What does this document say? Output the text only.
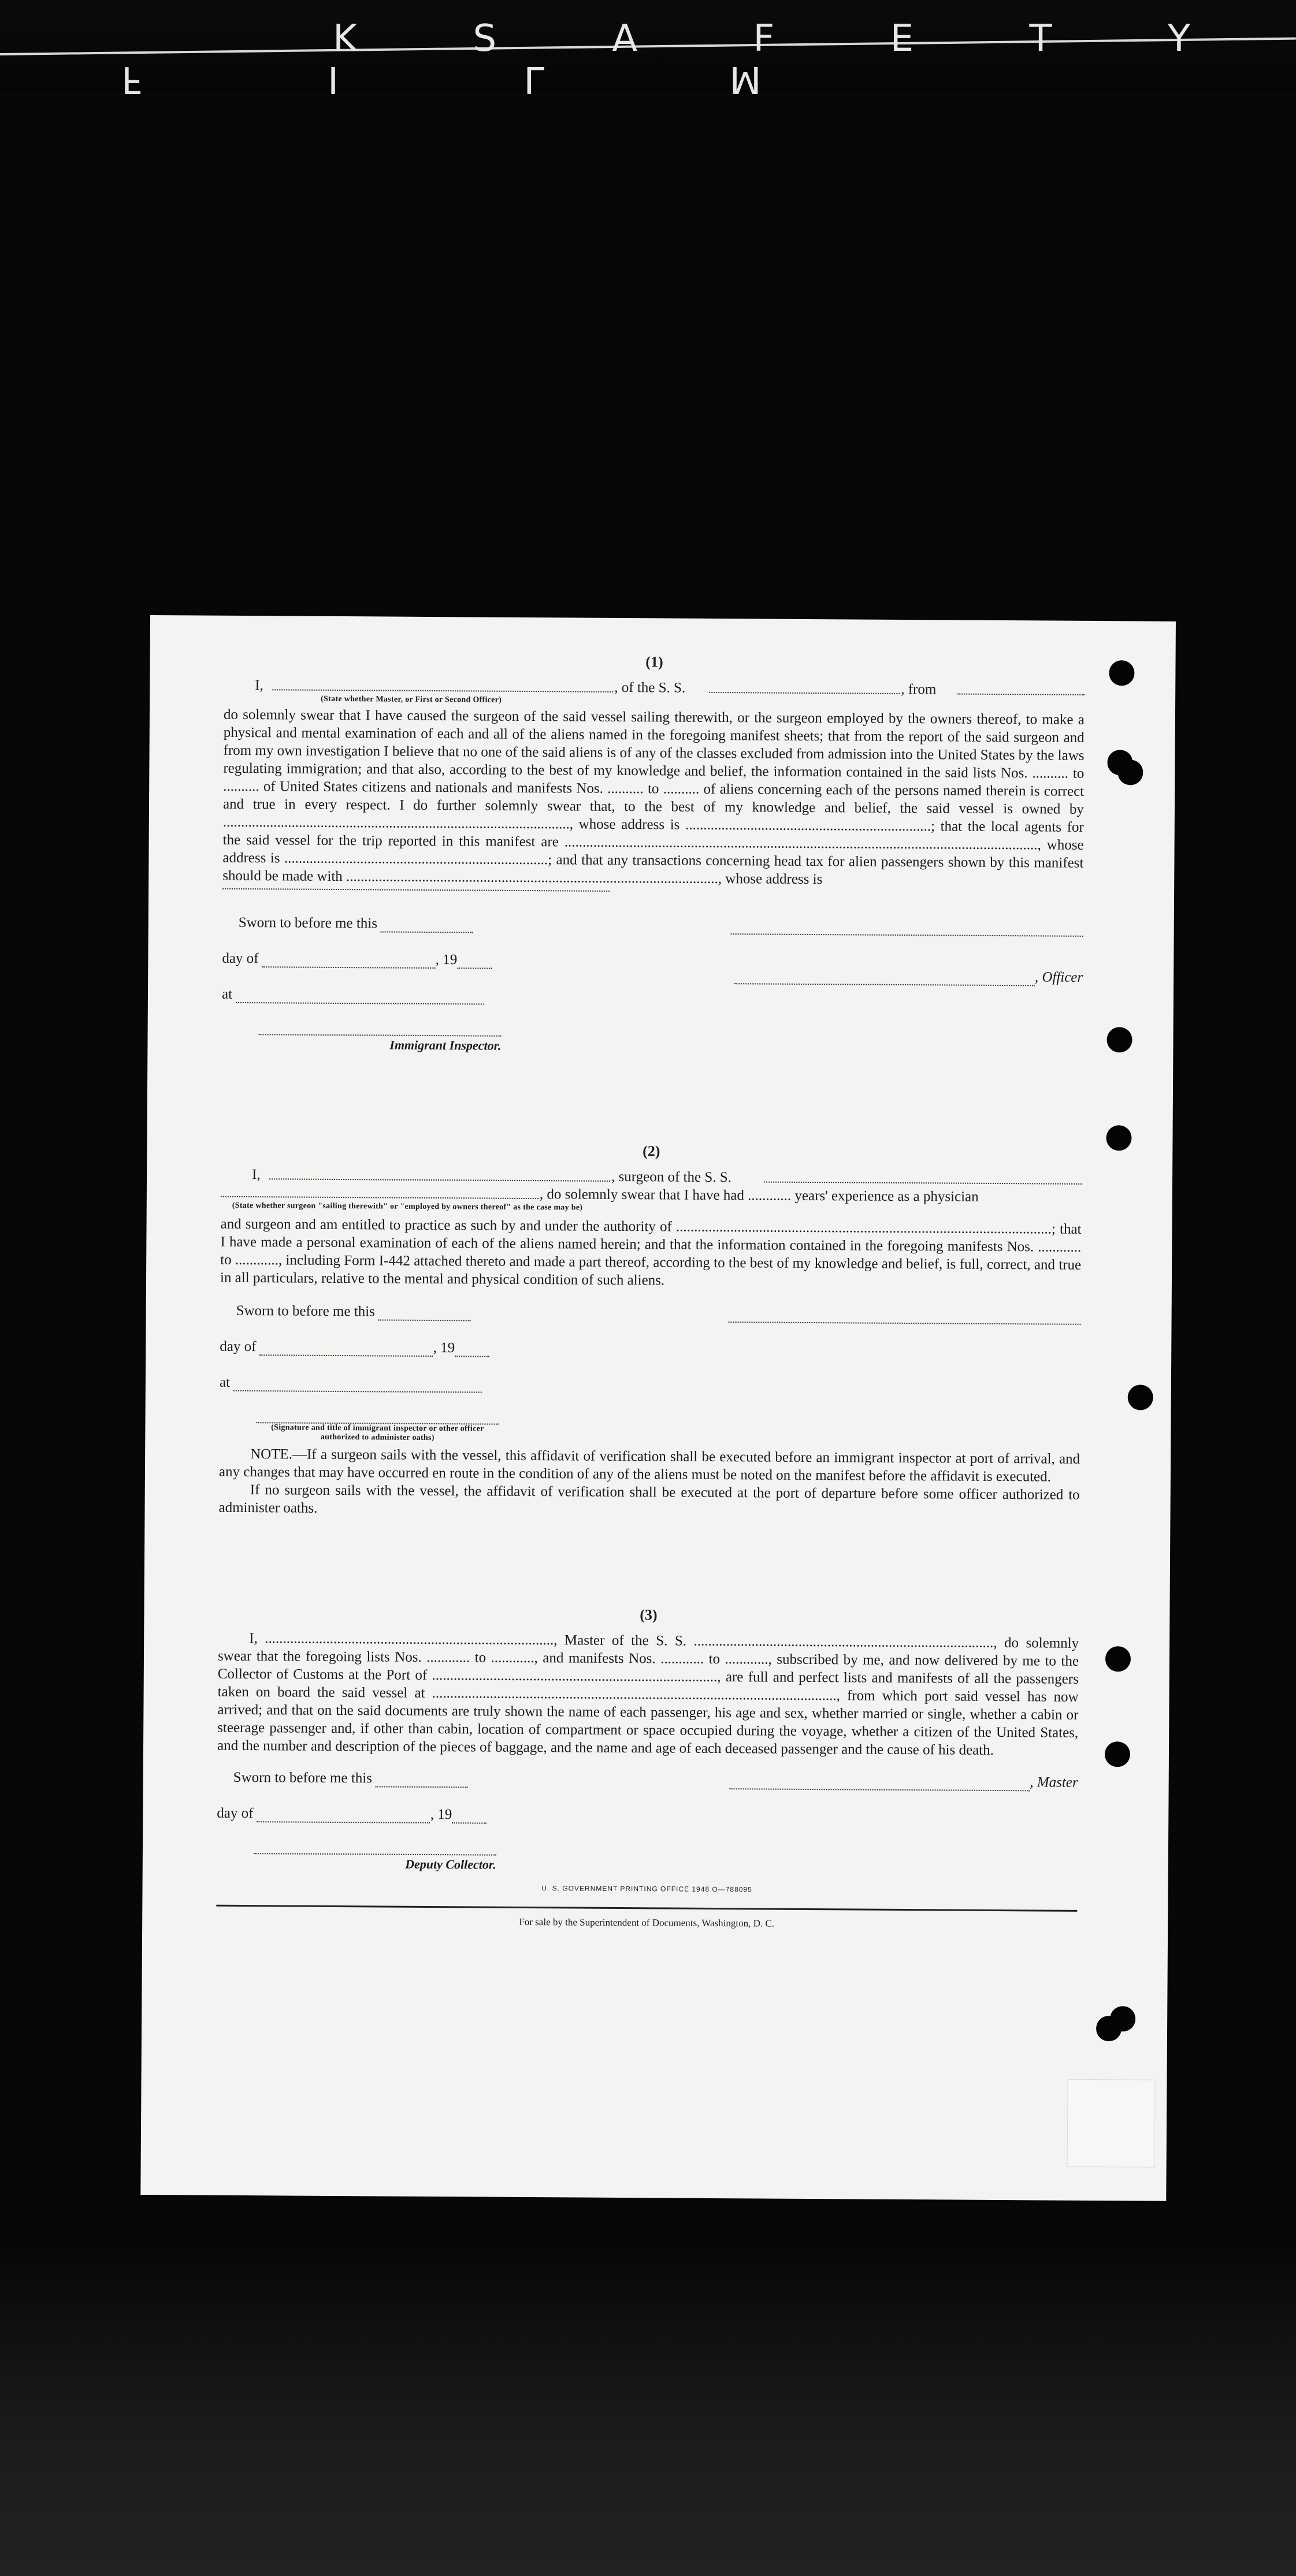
K S A F E T Y
F I L M
(1)
I,	, of the S. S.	, from
(State whether Master, or First or Second Officer)

do solemnly swear that I have caused the surgeon of the said vessel sailing therewith, or the surgeon employed by the owners thereof, to make a physical and mental examination of each and all of the aliens named in the foregoing manifest sheets; that from the report of the said surgeon and from my own investigation I believe that no one of the said aliens is of any of the classes excluded from admission into the United States by the laws regulating immigration; and that also, according to the best of my knowledge and belief, the information contained in the said lists Nos. .......... to .......... of United States citizens and nationals and manifests Nos. .......... to .......... of aliens concerning each of the persons named therein is correct and true in every respect. I do further solemnly swear that, to the best of my knowledge and belief, the said vessel is owned by ................................................................................................, whose address is ....................................................................; that the local agents for the said vessel for the trip reported in this manifest are ..................................................................................................................................., whose address is .........................................................................; and that any transactions concerning head tax for alien passengers shown by this manifest should be made with ......................................................................................................., whose address is

Sworn to before me this
day of	, 19
, Officer
at
Immigrant Inspector.
(2)
I,	, surgeon of the S. S.
, do solemnly swear that I have had ............ years' experience as a physician
(State whether surgeon "sailing therewith" or "employed by owners thereof" as the case may be)

and surgeon and am entitled to practice as such by and under the authority of ........................................................................................................; that I have made a personal examination of each of the aliens named herein; and that the information contained in the foregoing manifests Nos. ............ to ............, including Form I-442 attached thereto and made a part thereof, according to the best of my knowledge and belief, is full, correct, and true in all particulars, relative to the mental and physical condition of such aliens.

Sworn to before me this
day of	, 19
at
(Signature and title of immigrant inspector or other officer authorized to administer oaths)

NOTE.—If a surgeon sails with the vessel, this affidavit of verification shall be executed before an immigrant inspector at port of arrival, and any changes that may have occurred en route in the condition of any of the aliens must be noted on the manifest before the affidavit is executed.

If no surgeon sails with the vessel, the affidavit of verification shall be executed at the port of departure before some officer authorized to administer oaths.

(3)

I, ................................................................................, Master of the S. S. ..................................................................................., do solemnly swear that the foregoing lists Nos. ............ to ............, and manifests Nos. ............ to ............, subscribed by me, and now delivered by me to the Collector of Customs at the Port of ..............................................................................., are full and perfect lists and manifests of all the passengers taken on board the said vessel at ................................................................................................................, from which port said vessel has now arrived; and that on the said documents are truly shown the name of each passenger, his age and sex, whether married or single, whether a cabin or steerage passenger and, if other than cabin, location of compartment or space occupied during the voyage, whether a citizen of the United States, and the number and description of the pieces of baggage, and the name and age of each deceased passenger and the cause of his death.

Sworn to before me this	, Master
day of	, 19
Deputy Collector.
U. S. GOVERNMENT PRINTING OFFICE 1948 O—788095
For sale by the Superintendent of Documents, Washington, D. C.
